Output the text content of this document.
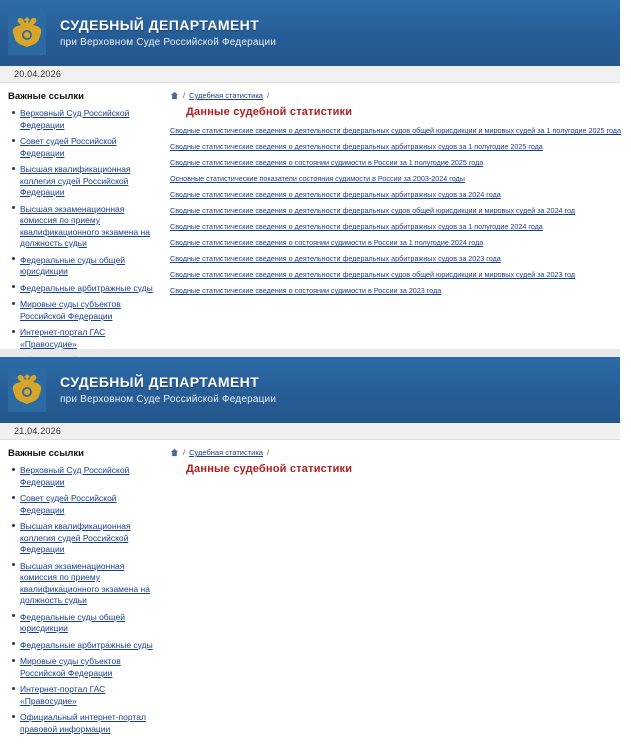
СУДЕБНЫЙ ДЕПАРТАМЕНТ
при Верховном Суде Российской Федерации
20.04.2026
Важные ссылки
Верховный Суд Российской Федерации
Совет судей Российской Федерации
Высшая квалификационная коллегия судей Российской Федерации
Высшая экзаменационная комиссия по приему квалификационного экзамена на должность судьи
Федеральные суды общей юрисдикции
Федеральные арбитражные суды
Мировые суды субъектов Российской Федерации
Интернет-портал ГАС «Правосудие»
/ Судебная статистика /
Данные судебной статистики
Сводные статистические сведения о деятельности федеральных судов общей юрисдикции и мировых судей за 1 полугодие 2025 года
Сводные статистические сведения о деятельности федеральных арбитражных судов за 1 полугодие 2025 года
Сводные статистические сведения о состоянии судимости в России за 1 полугодие 2025 года
Основные статистические показатели состояния судимости в России за 2003-2024 годы
Сводные статистические сведения о деятельности федеральных арбитражных судов за 2024 года
Сводные статистические сведения о деятельности федеральных судов общей юрисдикции и мировых судей за 2024 год
Сводные статистические сведения о деятельности федеральных арбитражных судов за 1 полугодие 2024 года
Сводные статистические сведения о состоянии судимости в России за 1 полугодие 2024 года
Сводные статистические сведения о деятельности федеральных арбитражных судов за 2023 года
Сводные статистические сведения о деятельности федеральных судов общей юрисдикции и мировых судей за 2023 год
Сводные статистические сведения о состоянии судимости в России за 2023 года
СУДЕБНЫЙ ДЕПАРТАМЕНТ
при Верховном Суде Российской Федерации
21.04.2026
Важные ссылки
Верховный Суд Российской Федерации
Совет судей Российской Федерации
Высшая квалификационная коллегия судей Российской Федерации
Высшая экзаменационная комиссия по приему квалификационного экзамена на должность судьи
Федеральные суды общей юрисдикции
Федеральные арбитражные суды
Мировые суды субъектов Российской Федерации
Интернет-портал ГАС «Правосудие»
Официальный интернет-портал правовой информации
/ Судебная статистика /
Данные судебной статистики
